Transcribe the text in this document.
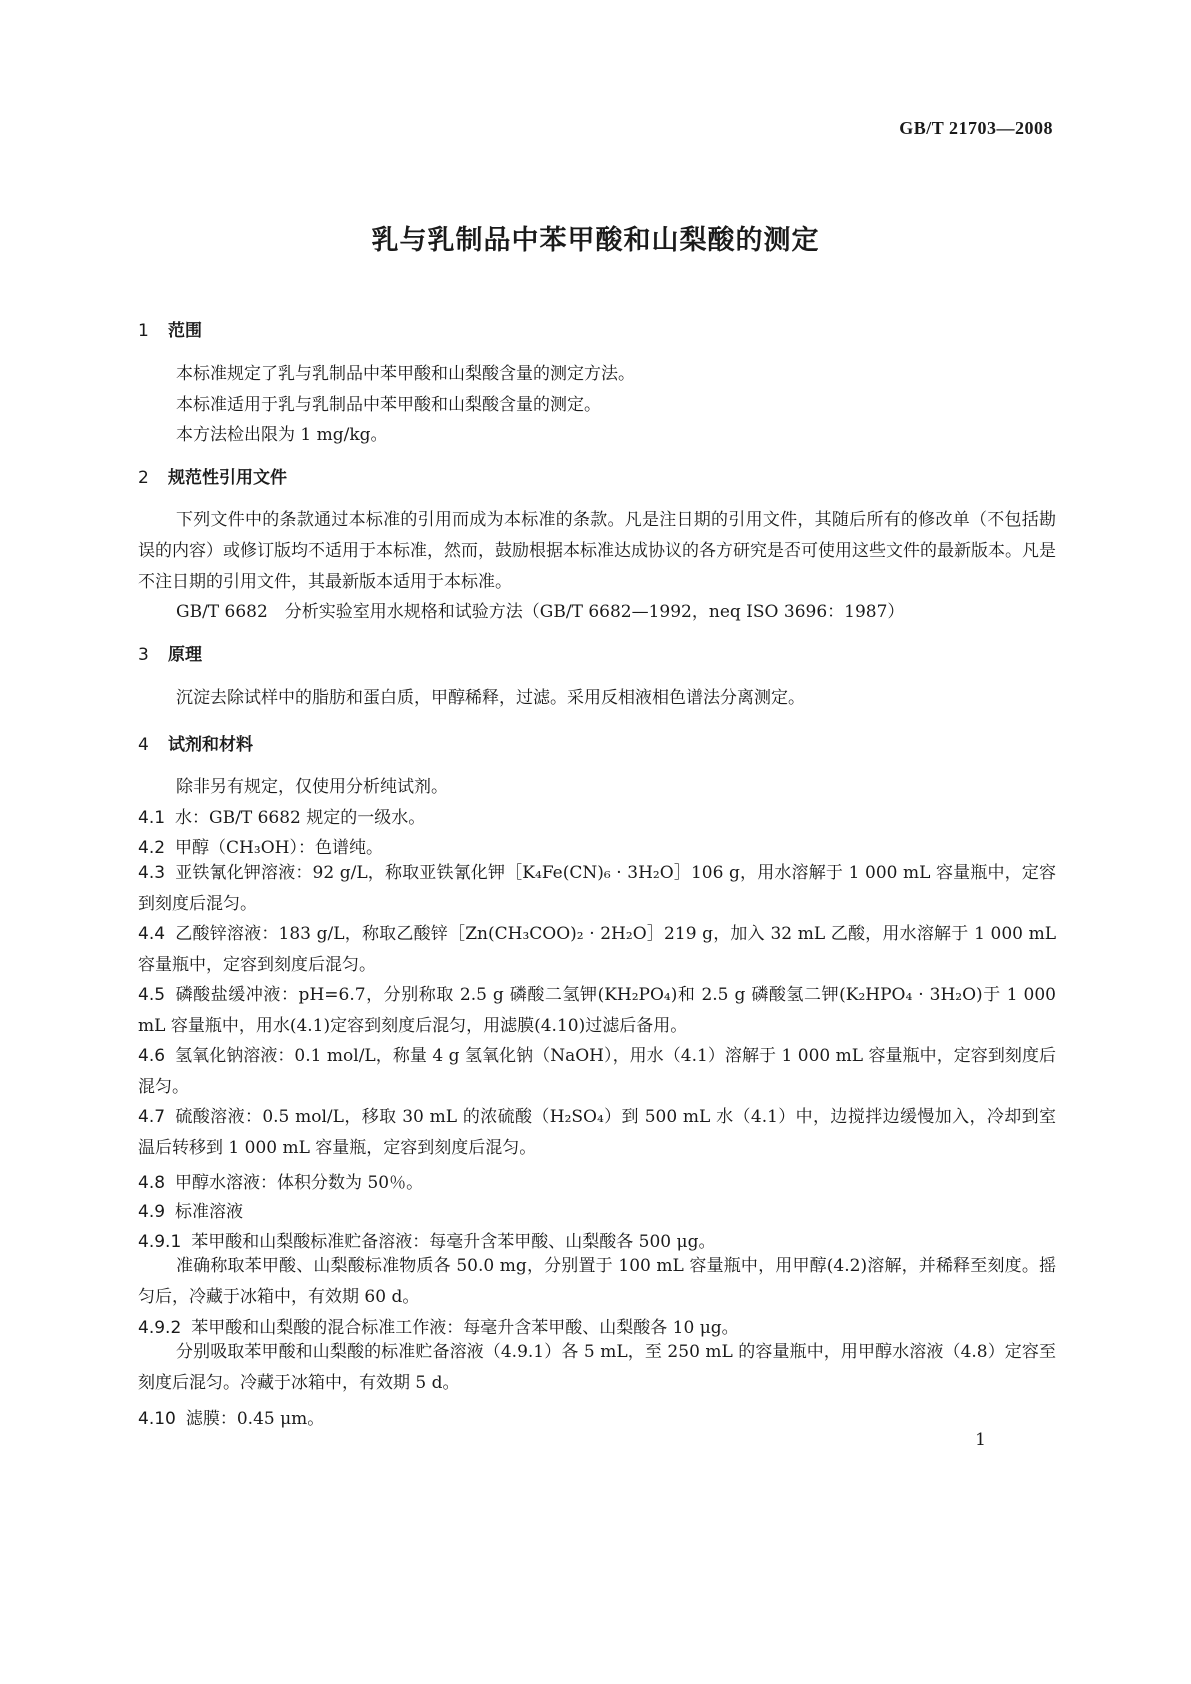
GB/T 21703—2008
乳与乳制品中苯甲酸和山梨酸的测定
1 范围
本标准规定了乳与乳制品中苯甲酸和山梨酸含量的测定方法。
本标准适用于乳与乳制品中苯甲酸和山梨酸含量的测定。
本方法检出限为 1 mg/kg。
2 规范性引用文件
下列文件中的条款通过本标准的引用而成为本标准的条款。凡是注日期的引用文件，其随后所有的修改单（不包括勘误的内容）或修订版均不适用于本标准，然而，鼓励根据本标准达成协议的各方研究是否可使用这些文件的最新版本。凡是不注日期的引用文件，其最新版本适用于本标准。
GB/T 6682　分析实验室用水规格和试验方法（GB/T 6682—1992，neq ISO 3696：1987）
3 原理
沉淀去除试样中的脂肪和蛋白质，甲醇稀释，过滤。采用反相液相色谱法分离测定。
4 试剂和材料
除非另有规定，仅使用分析纯试剂。
4.1 水：GB/T 6682 规定的一级水。
4.2 甲醇（CH₃OH）：色谱纯。
4.3 亚铁氰化钾溶液：92 g/L，称取亚铁氰化钾［K₄Fe(CN)₆ · 3H₂O］106 g，用水溶解于 1 000 mL 容量瓶中，定容到刻度后混匀。
4.4 乙酸锌溶液：183 g/L，称取乙酸锌［Zn(CH₃COO)₂ · 2H₂O］219 g，加入 32 mL 乙酸，用水溶解于 1 000 mL 容量瓶中，定容到刻度后混匀。
4.5 磷酸盐缓冲液：pH=6.7，分别称取 2.5 g 磷酸二氢钾(KH₂PO₄)和 2.5 g 磷酸氢二钾(K₂HPO₄ · 3H₂O)于 1 000 mL 容量瓶中，用水(4.1)定容到刻度后混匀，用滤膜(4.10)过滤后备用。
4.6 氢氧化钠溶液：0.1 mol/L，称量 4 g 氢氧化钠（NaOH），用水（4.1）溶解于 1 000 mL 容量瓶中，定容到刻度后混匀。
4.7 硫酸溶液：0.5 mol/L，移取 30 mL 的浓硫酸（H₂SO₄）到 500 mL 水（4.1）中，边搅拌边缓慢加入，冷却到室温后转移到 1 000 mL 容量瓶，定容到刻度后混匀。
4.8 甲醇水溶液：体积分数为 50％。
4.9 标准溶液
4.9.1 苯甲酸和山梨酸标准贮备溶液：每毫升含苯甲酸、山梨酸各 500 μg。
准确称取苯甲酸、山梨酸标准物质各 50.0 mg，分别置于 100 mL 容量瓶中，用甲醇(4.2)溶解，并稀释至刻度。摇匀后，冷藏于冰箱中，有效期 60 d。
4.9.2 苯甲酸和山梨酸的混合标准工作液：每毫升含苯甲酸、山梨酸各 10 μg。
分别吸取苯甲酸和山梨酸的标准贮备溶液（4.9.1）各 5 mL，至 250 mL 的容量瓶中，用甲醇水溶液（4.8）定容至刻度后混匀。冷藏于冰箱中，有效期 5 d。
4.10 滤膜：0.45 μm。
1
